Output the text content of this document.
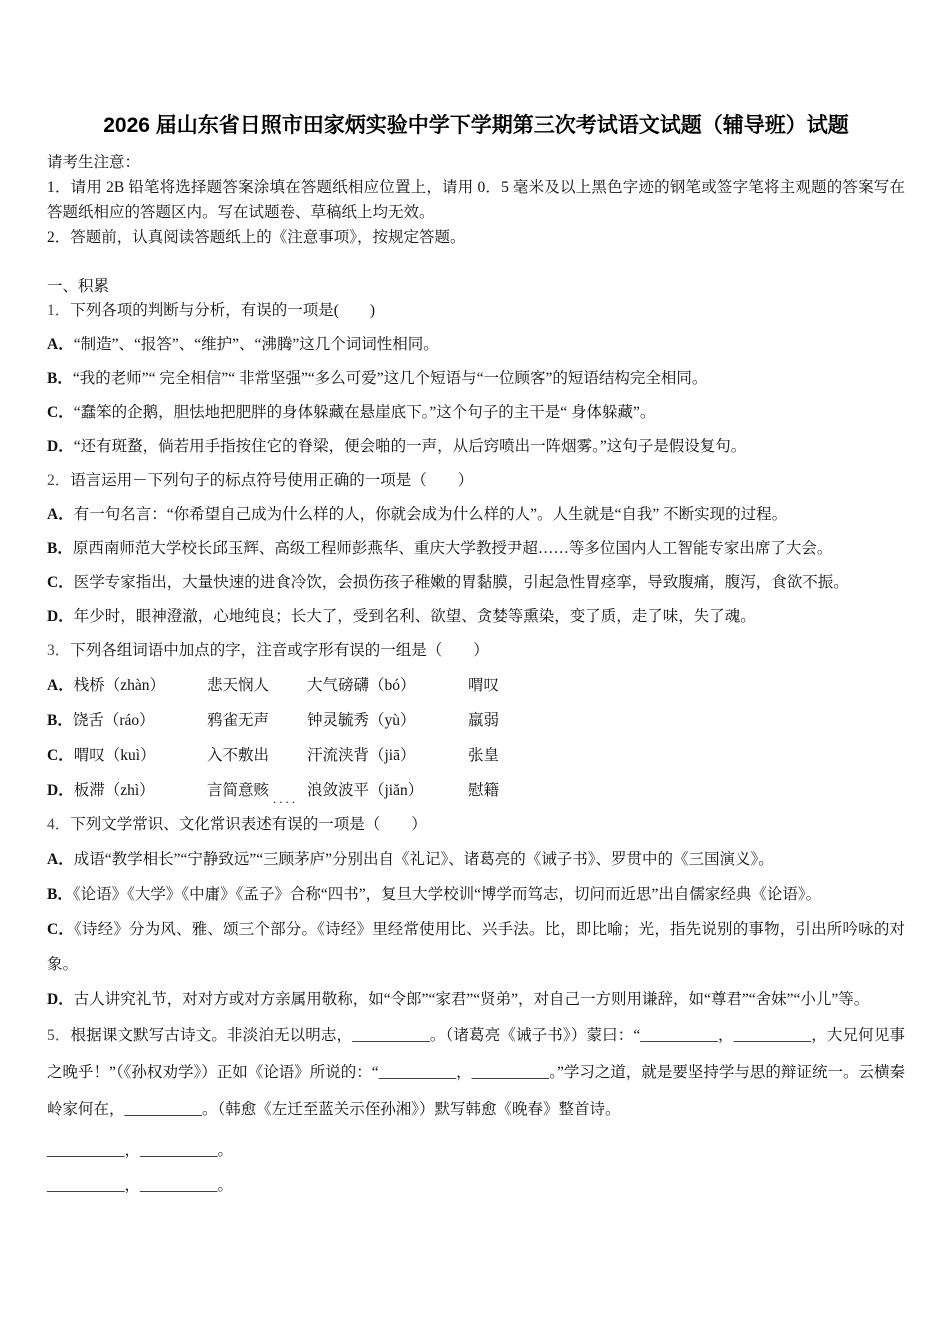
2026 届山东省日照市田家炳实验中学下学期第三次考试语文试题（辅导班）试题
请考生注意：

1．请用 2B 铅笔将选择题答案涂填在答题纸相应位置上，请用 0．5 毫米及以上黑色字迹的钢笔或签字笔将主观题的答案写在答题纸相应的答题区内。写在试题卷、草稿纸上均无效。

2．答题前，认真阅读答题纸上的《注意事项》，按规定答题。

一、积累
1．下列各项的判断与分析，有误的一项是(　　)
A．“制造”、“报答”、“维护”、“沸腾”这几个词词性相同。
B．“我的老师”“ 完全相信”“ 非常坚强”“多么可爱”这几个短语与“一位顾客”的短语结构完全相同。
C．“蠢笨的企鹅，胆怯地把肥胖的身体躲藏在悬崖底下。”这个句子的主干是“ 身体躲藏”。
D．“还有斑蝥，倘若用手指按住它的脊梁，便会啪的一声，从后窍喷出一阵烟雾。”这句子是假设复句。
2．语言运用－下列句子的标点符号使用正确的一项是（　　）
A．有一句名言：“你希望自己成为什么样的人，你就会成为什么样的人”。人生就是“自我” 不断实现的过程。
B．原西南师范大学校长邱玉辉、高级工程师彭燕华、重庆大学教授尹超……等多位国内人工智能专家出席了大会。
C．医学专家指出，大量快速的进食冷饮，会损伤孩子稚嫩的胃黏膜，引起急性胃痉挛，导致腹痛，腹泻，食欲不振。
D．年少时，眼神澄澈，心地纯良；长大了，受到名利、欲望、贪婪等熏染，变了质，走了味，失了魂。
3．下列各组词语中加点的字，注音或字形有误的一组是（　　）
A．栈桥（zhàn）	悲天悯人	大气磅礴（bó）	喟叹
B．饶舌（ráo）	鸦雀无声	钟灵毓秀（yù）	羸弱
C．喟叹（kuì）	入不敷出	汗流浃背（jiā）	张皇
D．板滞（zhì）	言简意赅 .... 浪敛波平（jiǎn）	慰籍
4．下列文学常识、文化常识表述有误的一项是（　　）
A．成语“教学相长”“宁静致远”“三顾茅庐”分别出自《礼记》、诸葛亮的《诫子书》、罗贯中的《三国演义》。
B．《论语》《大学》《中庸》《孟子》合称“四书”，复旦大学校训“博学而笃志，切问而近思”出自儒家经典《论语》。
C．《诗经》分为风、雅、颂三个部分。《诗经》里经常使用比、兴手法。比，即比喻；光，指先说别的事物，引出所吟咏的对象。
D．古人讲究礼节，对对方或对方亲属用敬称，如“令郎”“家君”“贤弟”，对自己一方则用谦辞，如“尊君”“舍妹”“小儿”等。
5．根据课文默写古诗文。非淡泊无以明志，__________。（诸葛亮《诫子书》）蒙曰：“__________，__________，大兄何见事之晚乎！”（《孙权劝学》）正如《论语》所说的：“__________，__________。”学习之道，就是要坚持学与思的辩证统一。云横秦岭家何在，__________。（韩愈《左迁至蓝关示侄孙湘》）默写韩愈《晚春》整首诗。
__________，__________。
__________，__________。
